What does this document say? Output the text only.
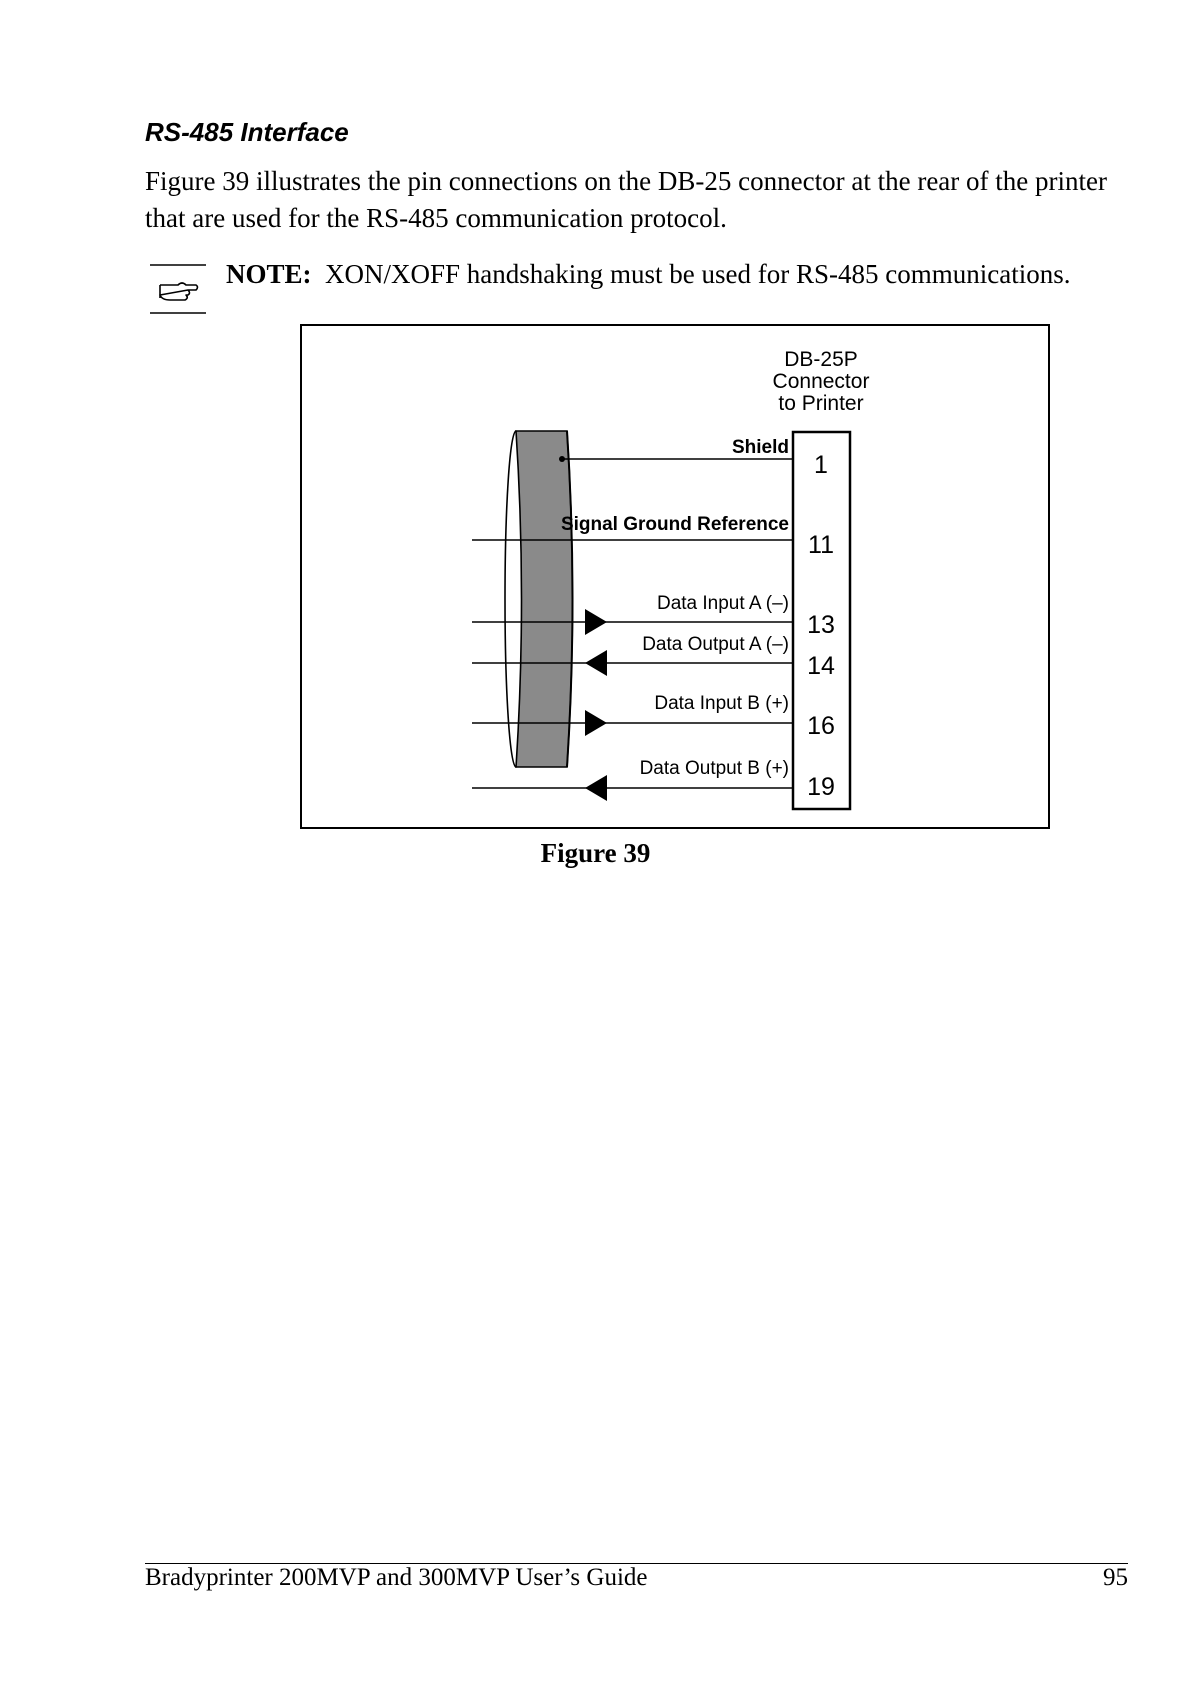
RS-485 Interface

Figure 39 illustrates the pin connections on the DB-25 connector at the rear of the printer that are used for the RS-485 communication protocol.

NOTE: XON/XOFF handshaking must be used for RS-485 communications.
DB-25P
Connector
to Printer
Shield
1
Signal Ground Reference
11
Data Input A (–)
13
Data Output A (–)
14
Data Input B (+)
16
Data Output B (+)
19
Figure 39
Bradyprinter 200MVP and 300MVP User’s Guide	95
